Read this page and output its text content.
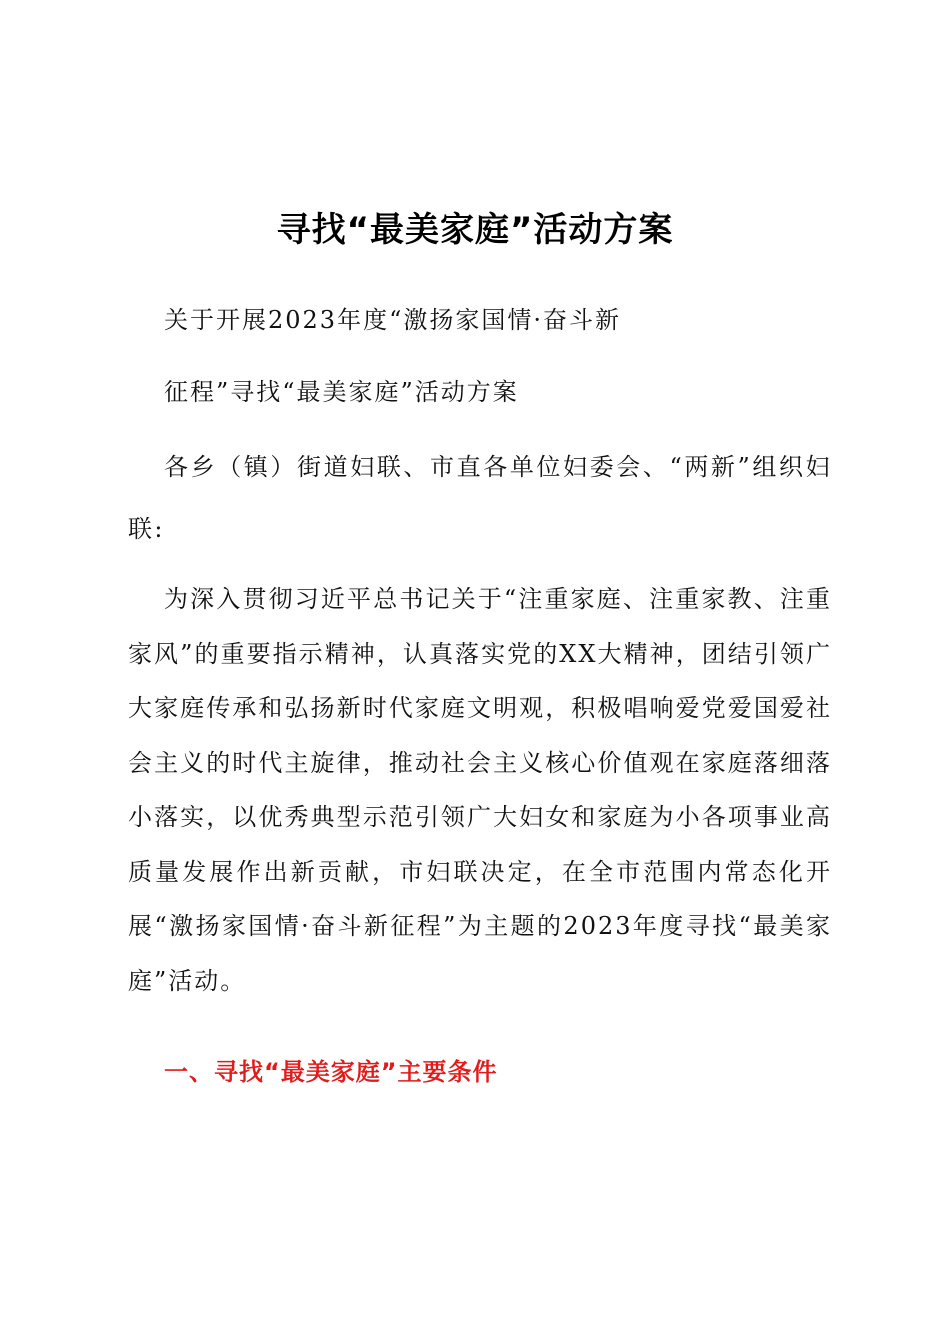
寻找“最美家庭”活动方案
关于开展2023年度“激扬家国情·奋斗新
征程”寻找“最美家庭”活动方案
各乡（镇）街道妇联、市直各单位妇委会、“两新”组织妇联:
为深入贯彻习近平总书记关于“注重家庭、注重家教、注重家风”的重要指示精神，认真落实党的XX大精神，团结引领广大家庭传承和弘扬新时代家庭文明观，积极唱响爱党爱国爱社会主义的时代主旋律，推动社会主义核心价值观在家庭落细落小落实，以优秀典型示范引领广大妇女和家庭为小各项事业高质量发展作出新贡献，市妇联决定，在全市范围内常态化开展“激扬家国情·奋斗新征程”为主题的2023年度寻找“最美家庭”活动。
一、寻找“最美家庭”主要条件
